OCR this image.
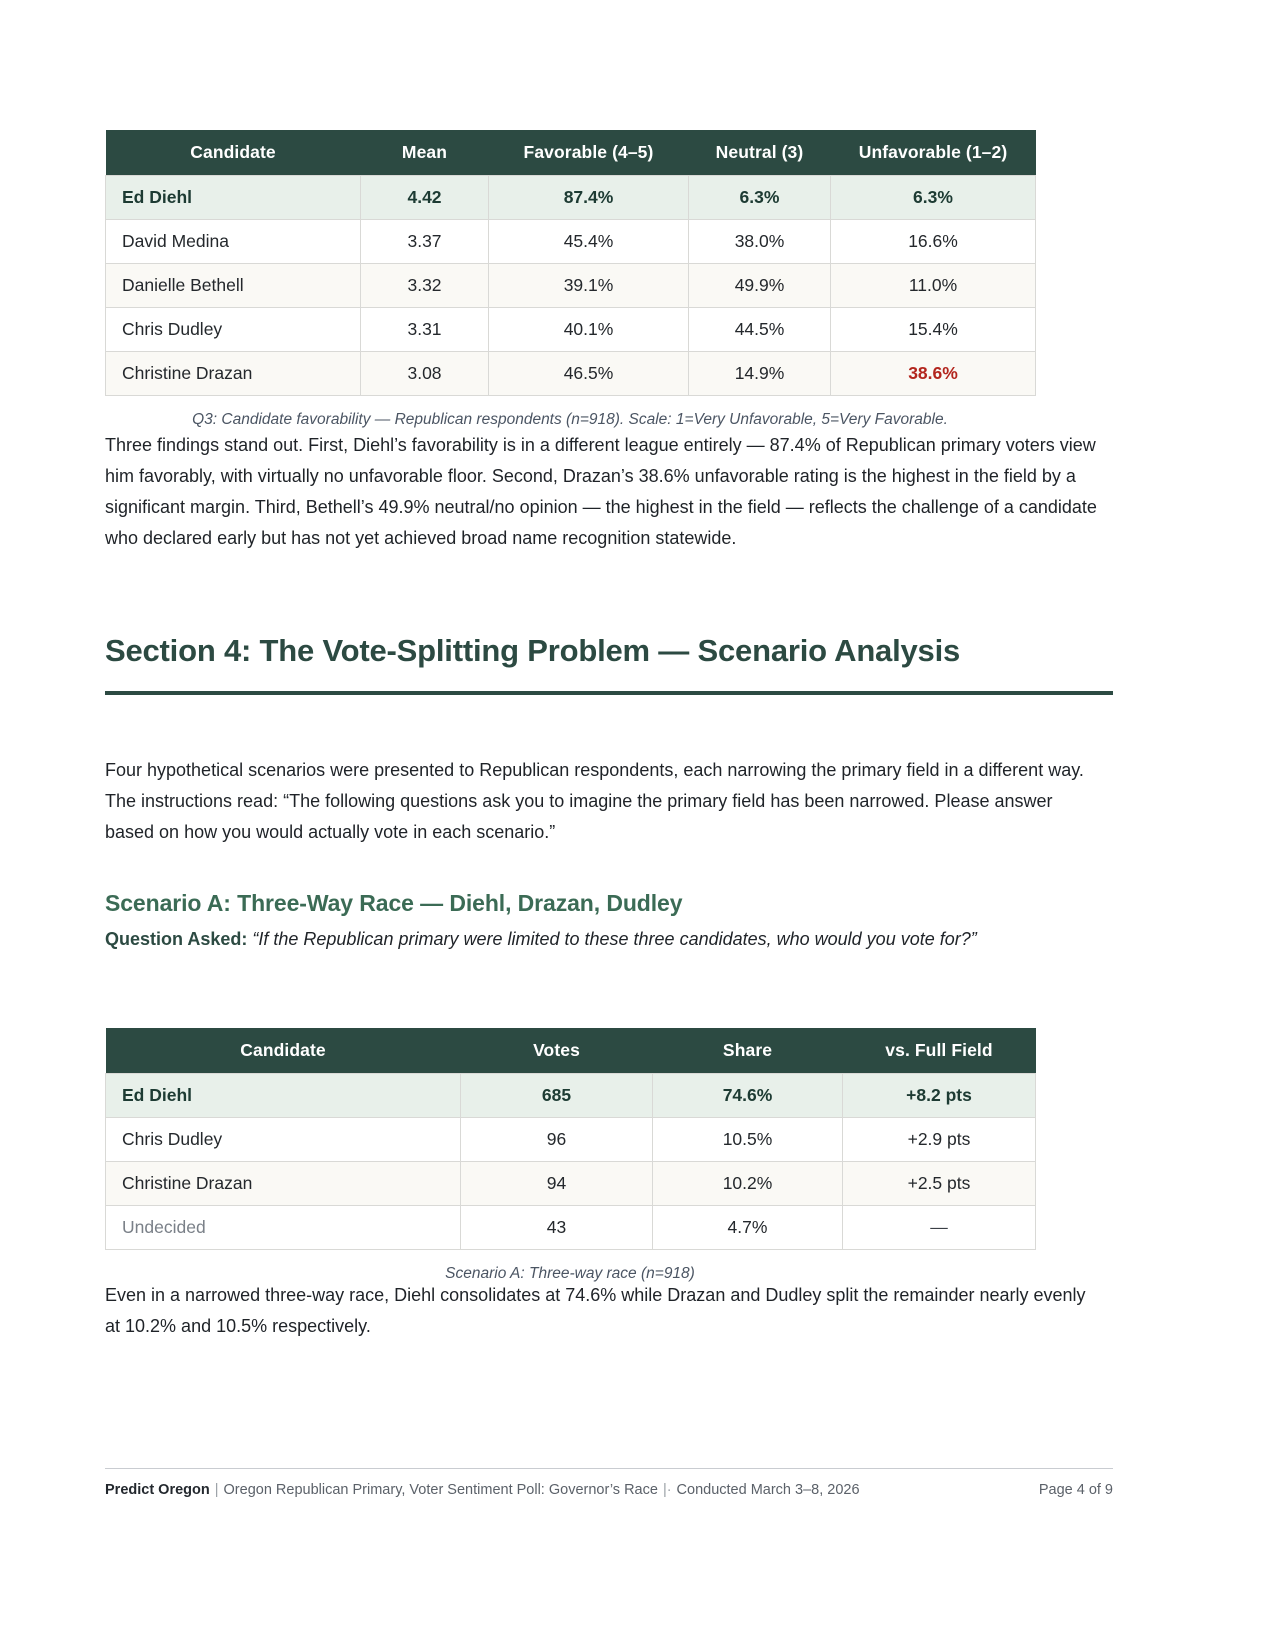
Candidate	Mean	Favorable (4–5)	Neutral (3)	Unfavorable (1–2)
Ed Diehl	4.42	87.4%	6.3%	6.3%
David Medina	3.37	45.4%	38.0%	16.6%
Danielle Bethell	3.32	39.1%	49.9%	11.0%
Chris Dudley	3.31	40.1%	44.5%	15.4%
Christine Drazan	3.08	46.5%	14.9%	38.6%
Q3: Candidate favorability — Republican respondents (n=918). Scale: 1=Very Unfavorable, 5=Very Favorable.

Three findings stand out. First, Diehl’s favorability is in a different league entirely — 87.4% of Republican primary voters view him favorably, with virtually no unfavorable floor. Second, Drazan’s 38.6% unfavorable rating is the highest in the field by a significant margin. Third, Bethell’s 49.9% neutral/no opinion — the highest in the field — reflects the challenge of a candidate who declared early but has not yet achieved broad name recognition statewide.

Section 4: The Vote-Splitting Problem — Scenario Analysis

Four hypothetical scenarios were presented to Republican respondents, each narrowing the primary field in a different way. The instructions read: “The following questions ask you to imagine the primary field has been narrowed. Please answer based on how you would actually vote in each scenario.”

Scenario A: Three-Way Race — Diehl, Drazan, Dudley

Question Asked: “If the Republican primary were limited to these three candidates, who would you vote for?”

Candidate	Votes	Share	vs. Full Field
Ed Diehl	685	74.6%	+8.2 pts
Chris Dudley	96	10.5%	+2.9 pts
Christine Drazan	94	10.2%	+2.5 pts
Undecided	43	4.7%	—
Scenario A: Three-way race (n=918)

Even in a narrowed three-way race, Diehl consolidates at 74.6% while Drazan and Dudley split the remainder nearly evenly at 10.2% and 10.5% respectively.

Predict Oregon | Oregon Republican Primary, Voter Sentiment Poll: Governor’s Race |· Conducted March 3–8, 2026	Page 4 of 9
